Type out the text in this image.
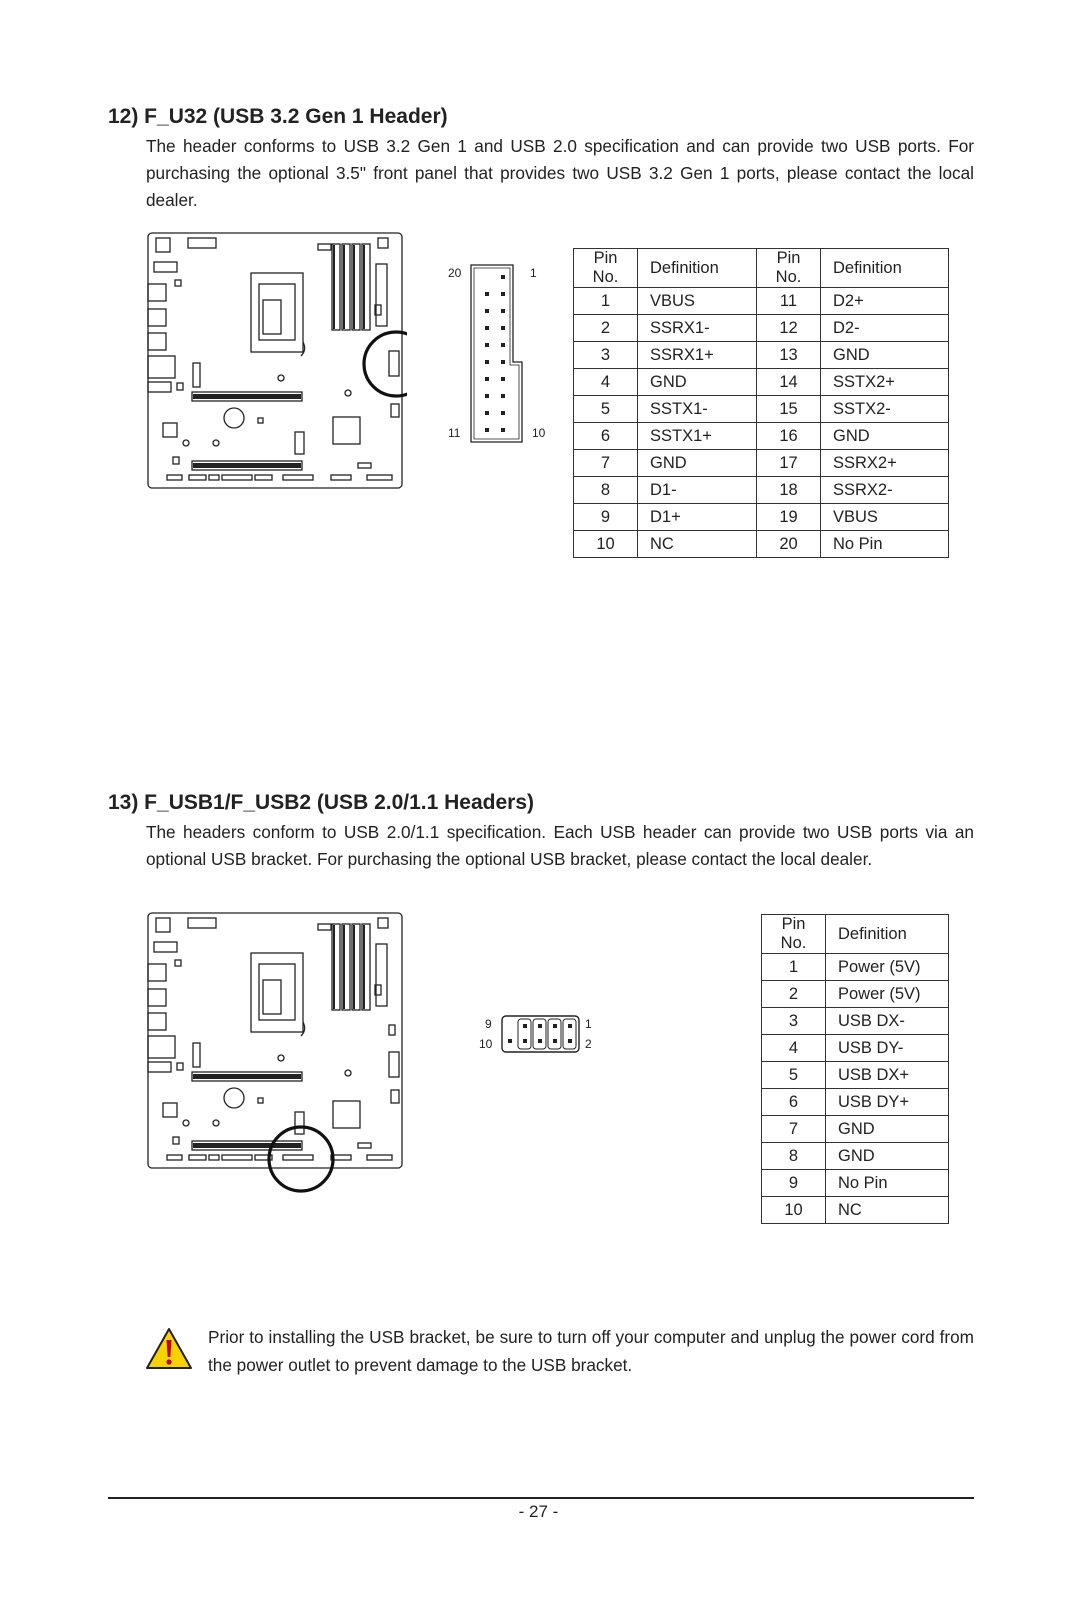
12) F_U32 (USB 3.2 Gen 1 Header)

The header conforms to USB 3.2 Gen 1 and USB 2.0 specification and can provide two USB ports. For purchasing the optional 3.5" front panel that provides two USB 3.2 Gen 1 ports, please contact the local dealer.

20	1
11	10
Pin No.	Definition	Pin No.	Definition
1	VBUS	11	D2+
2	SSRX1-	12	D2-
3	SSRX1+	13	GND
4	GND	14	SSTX2+
5	SSTX1-	15	SSTX2-
6	SSTX1+	16	GND
7	GND	17	SSRX2+
8	D1-	18	SSRX2-
9	D1+	19	VBUS
10	NC	20	No Pin
13) F_USB1/F_USB2 (USB 2.0/1.1 Headers)

The headers conform to USB 2.0/1.1 specification. Each USB header can provide two USB ports via an optional USB bracket. For purchasing the optional USB bracket, please contact the local dealer.

9	1
10	2
Pin No.	Definition
1	Power (5V)
2	Power (5V)
3	USB DX-
4	USB DY-
5	USB DX+
6	USB DY+
7	GND
8	GND
9	No Pin
10	NC

Prior to installing the USB bracket, be sure to turn off your computer and unplug the power cord from the power outlet to prevent damage to the USB bracket.

- 27 -
